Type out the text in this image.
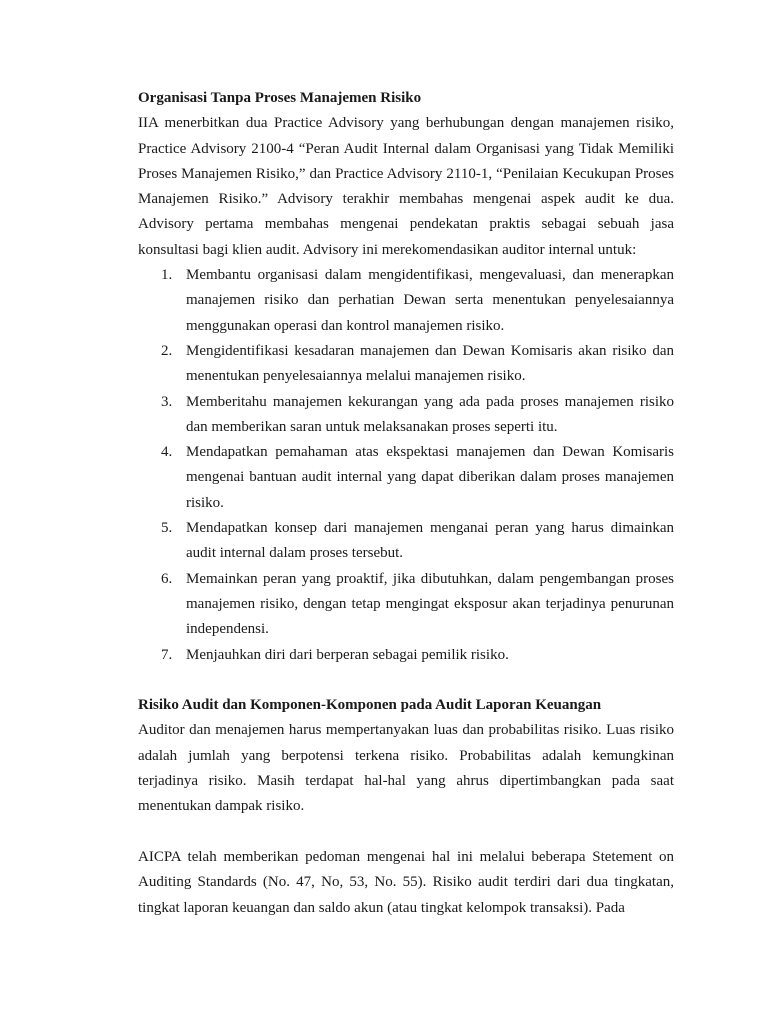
Organisasi Tanpa Proses Manajemen Risiko

IIA menerbitkan dua Practice Advisory yang berhubungan dengan manajemen risiko, Practice Advisory 2100-4 “Peran Audit Internal dalam Organisasi yang Tidak Memiliki Proses Manajemen Risiko,” dan Practice Advisory 2110-1, “Penilaian Kecukupan Proses Manajemen Risiko.” Advisory terakhir membahas mengenai aspek audit ke dua. Advisory pertama membahas mengenai pendekatan praktis sebagai sebuah jasa konsultasi bagi klien audit. Advisory ini merekomendasikan auditor internal untuk:

1. Membantu organisasi dalam mengidentifikasi, mengevaluasi, dan menerapkan manajemen risiko dan perhatian Dewan serta menentukan penyelesaiannya menggunakan operasi dan kontrol manajemen risiko.
2. Mengidentifikasi kesadaran manajemen dan Dewan Komisaris akan risiko dan menentukan penyelesaiannya melalui manajemen risiko.
3. Memberitahu manajemen kekurangan yang ada pada proses manajemen risiko dan memberikan saran untuk melaksanakan proses seperti itu.
4. Mendapatkan pemahaman atas ekspektasi manajemen dan Dewan Komisaris mengenai bantuan audit internal yang dapat diberikan dalam proses manajemen risiko.
5. Mendapatkan konsep dari manajemen menganai peran yang harus dimainkan audit internal dalam proses tersebut.
6. Memainkan peran yang proaktif, jika dibutuhkan, dalam pengembangan proses manajemen risiko, dengan tetap mengingat eksposur akan terjadinya penurunan independensi.
7. Menjauhkan diri dari berperan sebagai pemilik risiko.

Risiko Audit dan Komponen-Komponen pada Audit Laporan Keuangan

Auditor dan menajemen harus mempertanyakan luas dan probabilitas risiko. Luas risiko adalah jumlah yang berpotensi terkena risiko. Probabilitas adalah kemungkinan terjadinya risiko. Masih terdapat hal-hal yang ahrus dipertimbangkan pada saat menentukan dampak risiko.

AICPA telah memberikan pedoman mengenai hal ini melalui beberapa Stetement on Auditing Standards (No. 47, No, 53, No. 55). Risiko audit terdiri dari dua tingkatan, tingkat laporan keuangan dan saldo akun (atau tingkat kelompok transaksi). Pada
